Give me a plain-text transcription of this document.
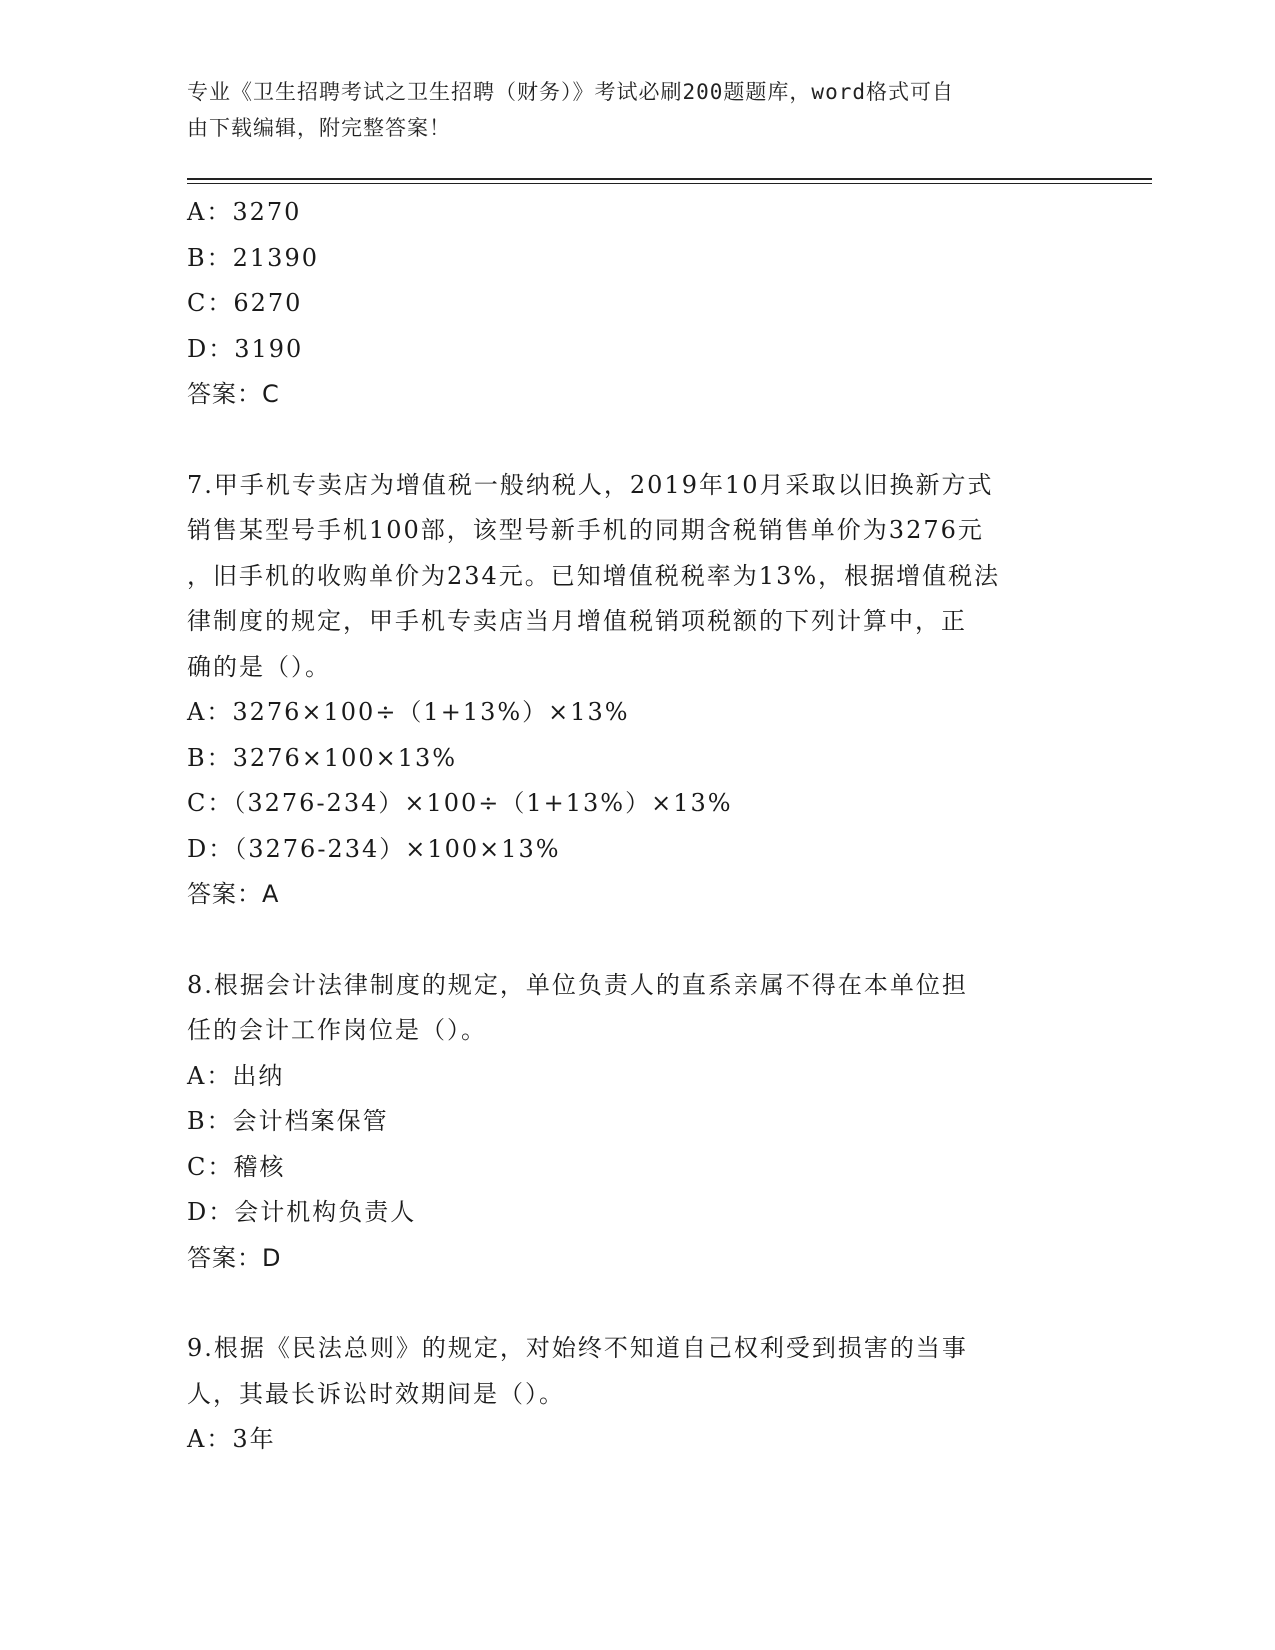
专业《卫生招聘考试之卫生招聘（财务）》考试必刷200题题库，word格式可自
由下载编辑，附完整答案！
A：3270
B：21390
C：6270
D：3190
答案：C
7.甲手机专卖店为增值税一般纳税人，2019年10月采取以旧换新方式
销售某型号手机100部，该型号新手机的同期含税销售单价为3276元
，旧手机的收购单价为234元。已知增值税税率为13%，根据增值税法
律制度的规定，甲手机专卖店当月增值税销项税额的下列计算中，正
确的是（）。
A：3276×100÷（1+13%）×13%
B：3276×100×13%
C：（3276-234）×100÷（1+13%）×13%
D：（3276-234）×100×13%
答案：A
8.根据会计法律制度的规定，单位负责人的直系亲属不得在本单位担
任的会计工作岗位是（）。
A：出纳
B：会计档案保管
C：稽核
D：会计机构负责人
答案：D
9.根据《民法总则》的规定，对始终不知道自己权利受到损害的当事
人，其最长诉讼时效期间是（）。
A：3年
